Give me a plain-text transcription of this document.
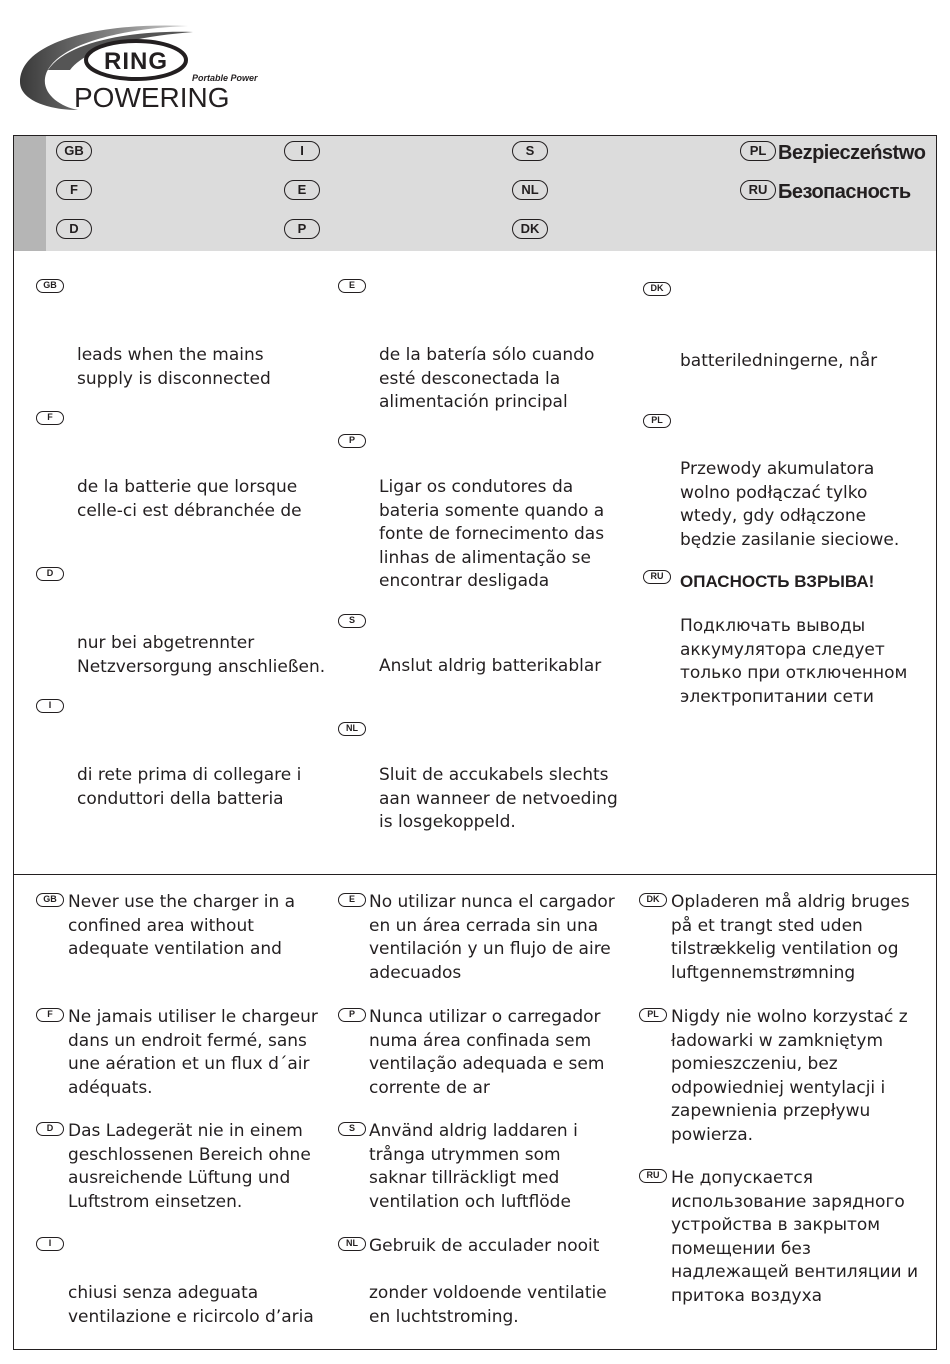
RING
Portable Power
POWERING
GB
F
D
I
E
P
S
NL
DK
PL Bezpieczeństwo
RU Безопасность
GB

leads when the mains
supply is disconnected

F

de la batterie que lorsque
celle-ci est débranchée de

D

nur bei abgetrennter
Netzversorgung anschließen.

I

di rete prima di collegare i
conduttori della batteria

E

de la batería sólo cuando
esté desconectada la
alimentación principal

P

Ligar os condutores da
bateria somente quando a
fonte de fornecimento das
linhas de alimentação se
encontrar desligada

S

Anslut aldrig batterikablar

NL

Sluit de accukabels slechts
aan wanneer de netvoeding
is losgekoppeld.

DK

batteriledningerne, når

PL

Przewody akumulatora
wolno podłączać tylko
wtedy, gdy odłączone
będzie zasilanie sieciowe.

RU ОПАСНОСТЬ ВЗРЫВА!

Подключать выводы
аккумулятора следует
только при отключенном
электропитании сети

GB Never use the charger in a
confined area without
adequate ventilation and

F Ne jamais utiliser le chargeur
dans un endroit fermé, sans
une aération et un flux d´air
adéquats.

D Das Ladegerät nie in einem
geschlossenen Bereich ohne
ausreichende Lüftung und
Luftstrom einsetzen.

I

chiusi senza adeguata
ventilazione e ricircolo d’aria

E No utilizar nunca el cargador
en un área cerrada sin una
ventilación y un flujo de aire
adecuados

P Nunca utilizar o carregador
numa área confinada sem
ventilação adequada e sem
corrente de ar

S Använd aldrig laddaren i
trånga utrymmen som
saknar tillräckligt med
ventilation och luftflöde

NL Gebruik de acculader nooit

zonder voldoende ventilatie
en luchtstroming.

DK Opladeren må aldrig bruges
på et trangt sted uden
tilstrækkelig ventilation og
luftgennemstrømning

PL Nigdy nie wolno korzystać z
ładowarki w zamkniętym
pomieszczeniu, bez
odpowiedniej wentylacji i
zapewnienia przepływu
powierza.

RU Не допускается
использование зарядного
устройства в закрытом
помещении без
надлежащей вентиляции и
притока воздуха
